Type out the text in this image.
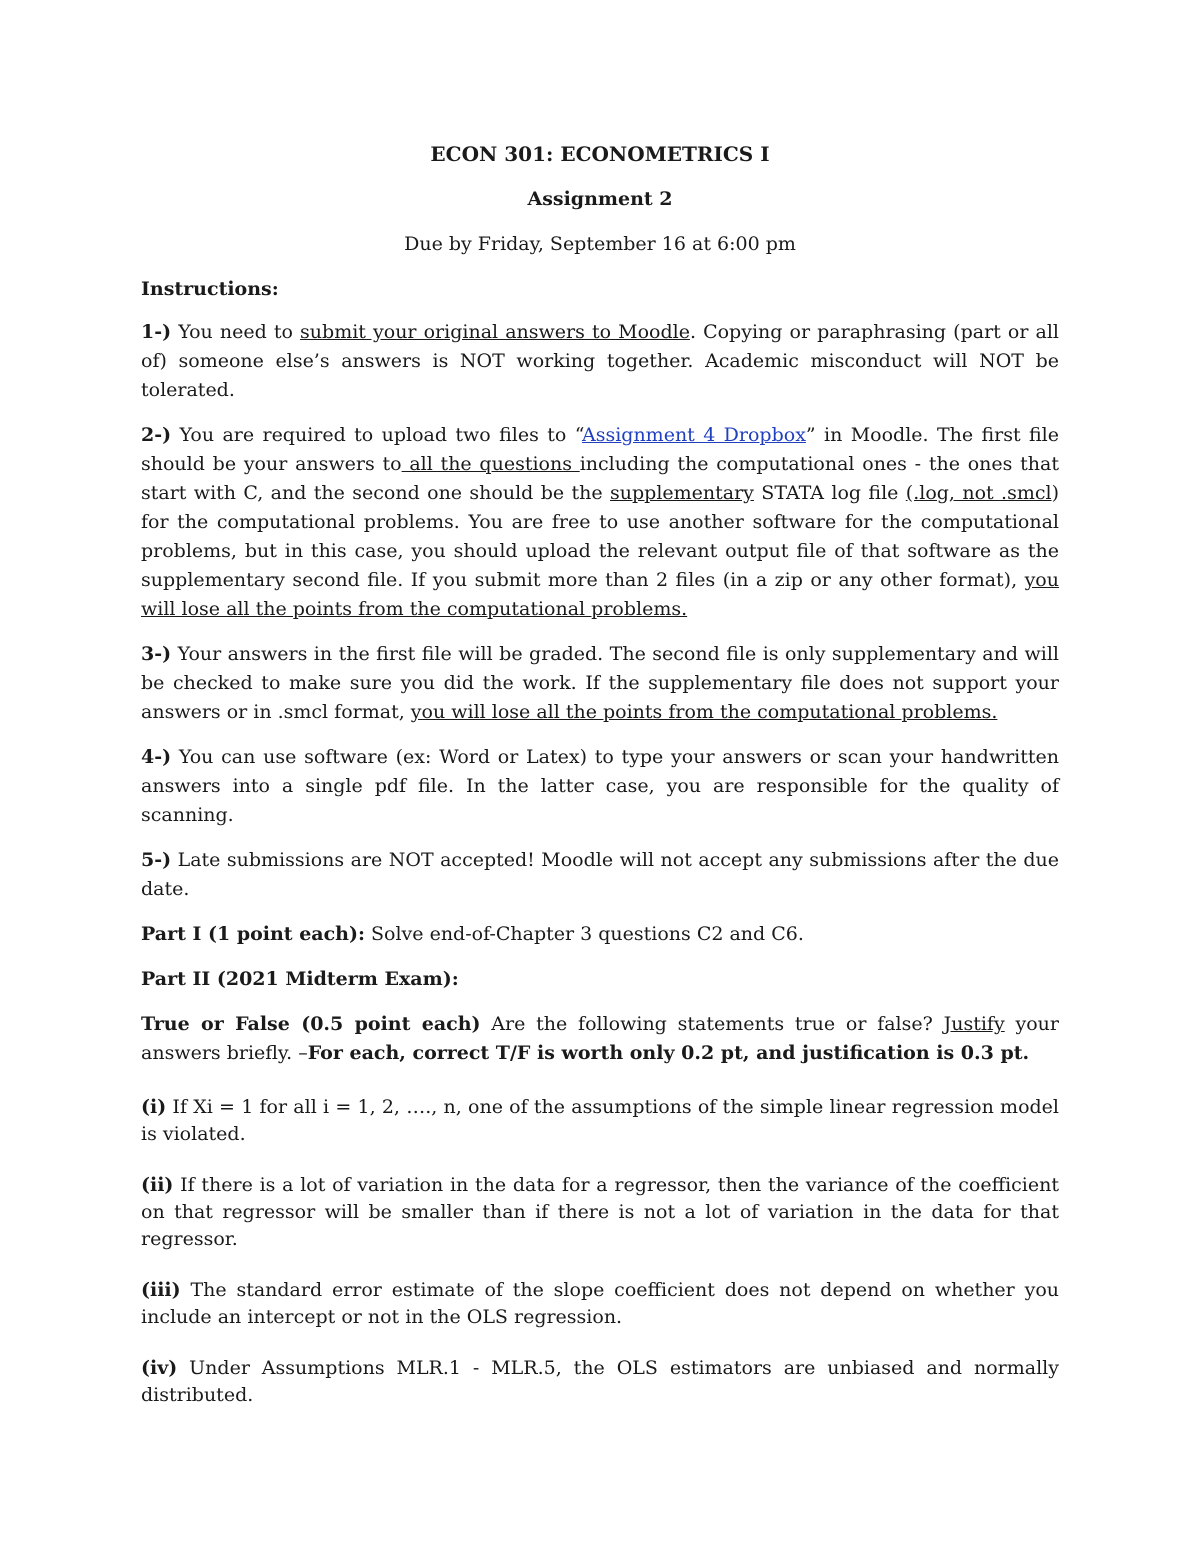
ECON 301: ECONOMETRICS I
Assignment 2
Due by Friday, September 16 at 6:00 pm
Instructions:

1-) You need to submit your original answers to Moodle. Copying or paraphrasing (part or all of) someone else’s answers is NOT working together. Academic misconduct will NOT be tolerated.

2-) You are required to upload two files to “Assignment 4 Dropbox” in Moodle. The first file should be your answers to all the questions including the computational ones - the ones that start with C, and the second one should be the supplementary STATA log file (.log, not .smcl) for the computational problems. You are free to use another software for the computational problems, but in this case, you should upload the relevant output file of that software as the supplementary second file. If you submit more than 2 files (in a zip or any other format), you will lose all the points from the computational problems.

3-) Your answers in the first file will be graded. The second file is only supplementary and will be checked to make sure you did the work. If the supplementary file does not support your answers or in .smcl format, you will lose all the points from the computational problems.

4-) You can use software (ex: Word or Latex) to type your answers or scan your handwritten answers into a single pdf file. In the latter case, you are responsible for the quality of scanning.

5-) Late submissions are NOT accepted! Moodle will not accept any submissions after the due date.

Part I (1 point each): Solve end-of-Chapter 3 questions C2 and C6.

Part II (2021 Midterm Exam):

True or False (0.5 point each) Are the following statements true or false? Justify your answers briefly. –For each, correct T/F is worth only 0.2 pt, and justification is 0.3 pt.

(i) If Xi = 1 for all i = 1, 2, …., n, one of the assumptions of the simple linear regression model is violated.

(ii) If there is a lot of variation in the data for a regressor, then the variance of the coefficient on that regressor will be smaller than if there is not a lot of variation in the data for that regressor.

(iii) The standard error estimate of the slope coefficient does not depend on whether you include an intercept or not in the OLS regression.

(iv) Under Assumptions MLR.1 - MLR.5, the OLS estimators are unbiased and normally distributed.
